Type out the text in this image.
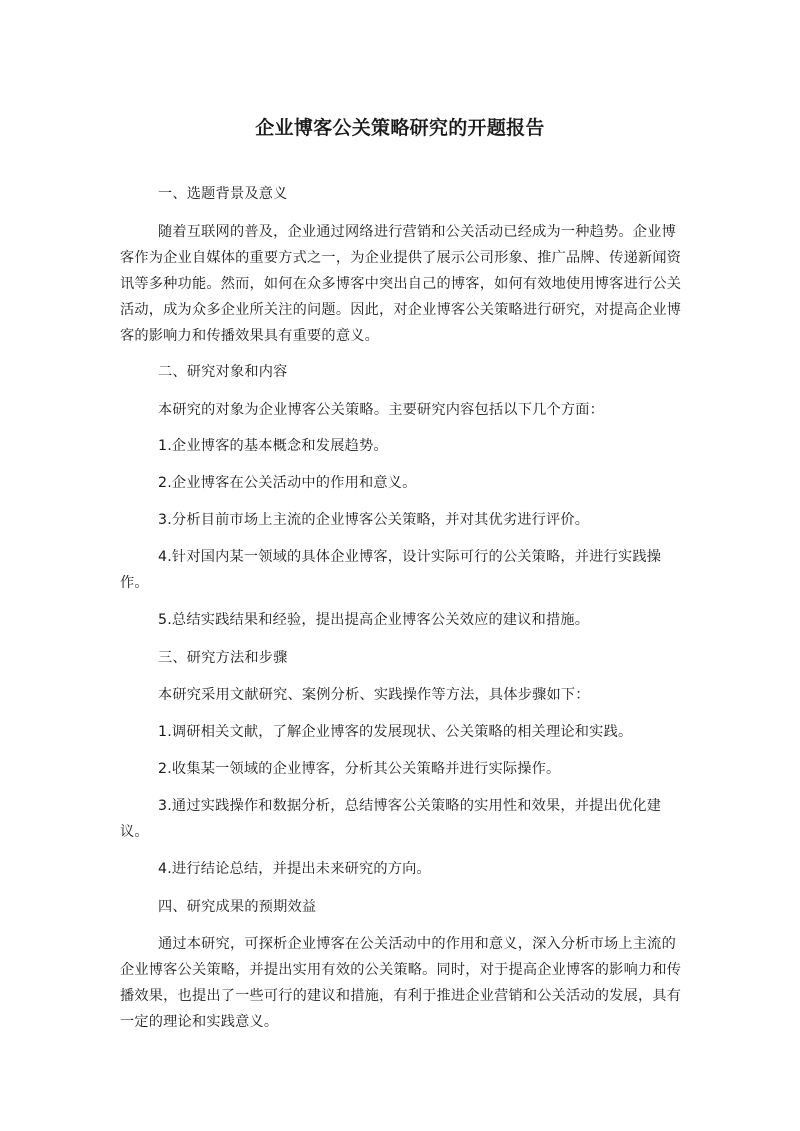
企业博客公关策略研究的开题报告
一、选题背景及意义
随着互联网的普及，企业通过网络进行营销和公关活动已经成为一种趋势。企业博客作为企业自媒体的重要方式之一，为企业提供了展示公司形象、推广品牌、传递新闻资讯等多种功能。然而，如何在众多博客中突出自己的博客，如何有效地使用博客进行公关活动，成为众多企业所关注的问题。因此，对企业博客公关策略进行研究，对提高企业博客的影响力和传播效果具有重要的意义。
二、研究对象和内容
本研究的对象为企业博客公关策略。主要研究内容包括以下几个方面：
1.企业博客的基本概念和发展趋势。
2.企业博客在公关活动中的作用和意义。
3.分析目前市场上主流的企业博客公关策略，并对其优劣进行评价。
4.针对国内某一领域的具体企业博客，设计实际可行的公关策略，并进行实践操作。
5.总结实践结果和经验，提出提高企业博客公关效应的建议和措施。
三、研究方法和步骤
本研究采用文献研究、案例分析、实践操作等方法，具体步骤如下：
1.调研相关文献，了解企业博客的发展现状、公关策略的相关理论和实践。
2.收集某一领域的企业博客，分析其公关策略并进行实际操作。
3.通过实践操作和数据分析，总结博客公关策略的实用性和效果，并提出优化建议。
4.进行结论总结，并提出未来研究的方向。
四、研究成果的预期效益
通过本研究，可探析企业博客在公关活动中的作用和意义，深入分析市场上主流的企业博客公关策略，并提出实用有效的公关策略。同时，对于提高企业博客的影响力和传播效果，也提出了一些可行的建议和措施，有利于推进企业营销和公关活动的发展，具有一定的理论和实践意义。
